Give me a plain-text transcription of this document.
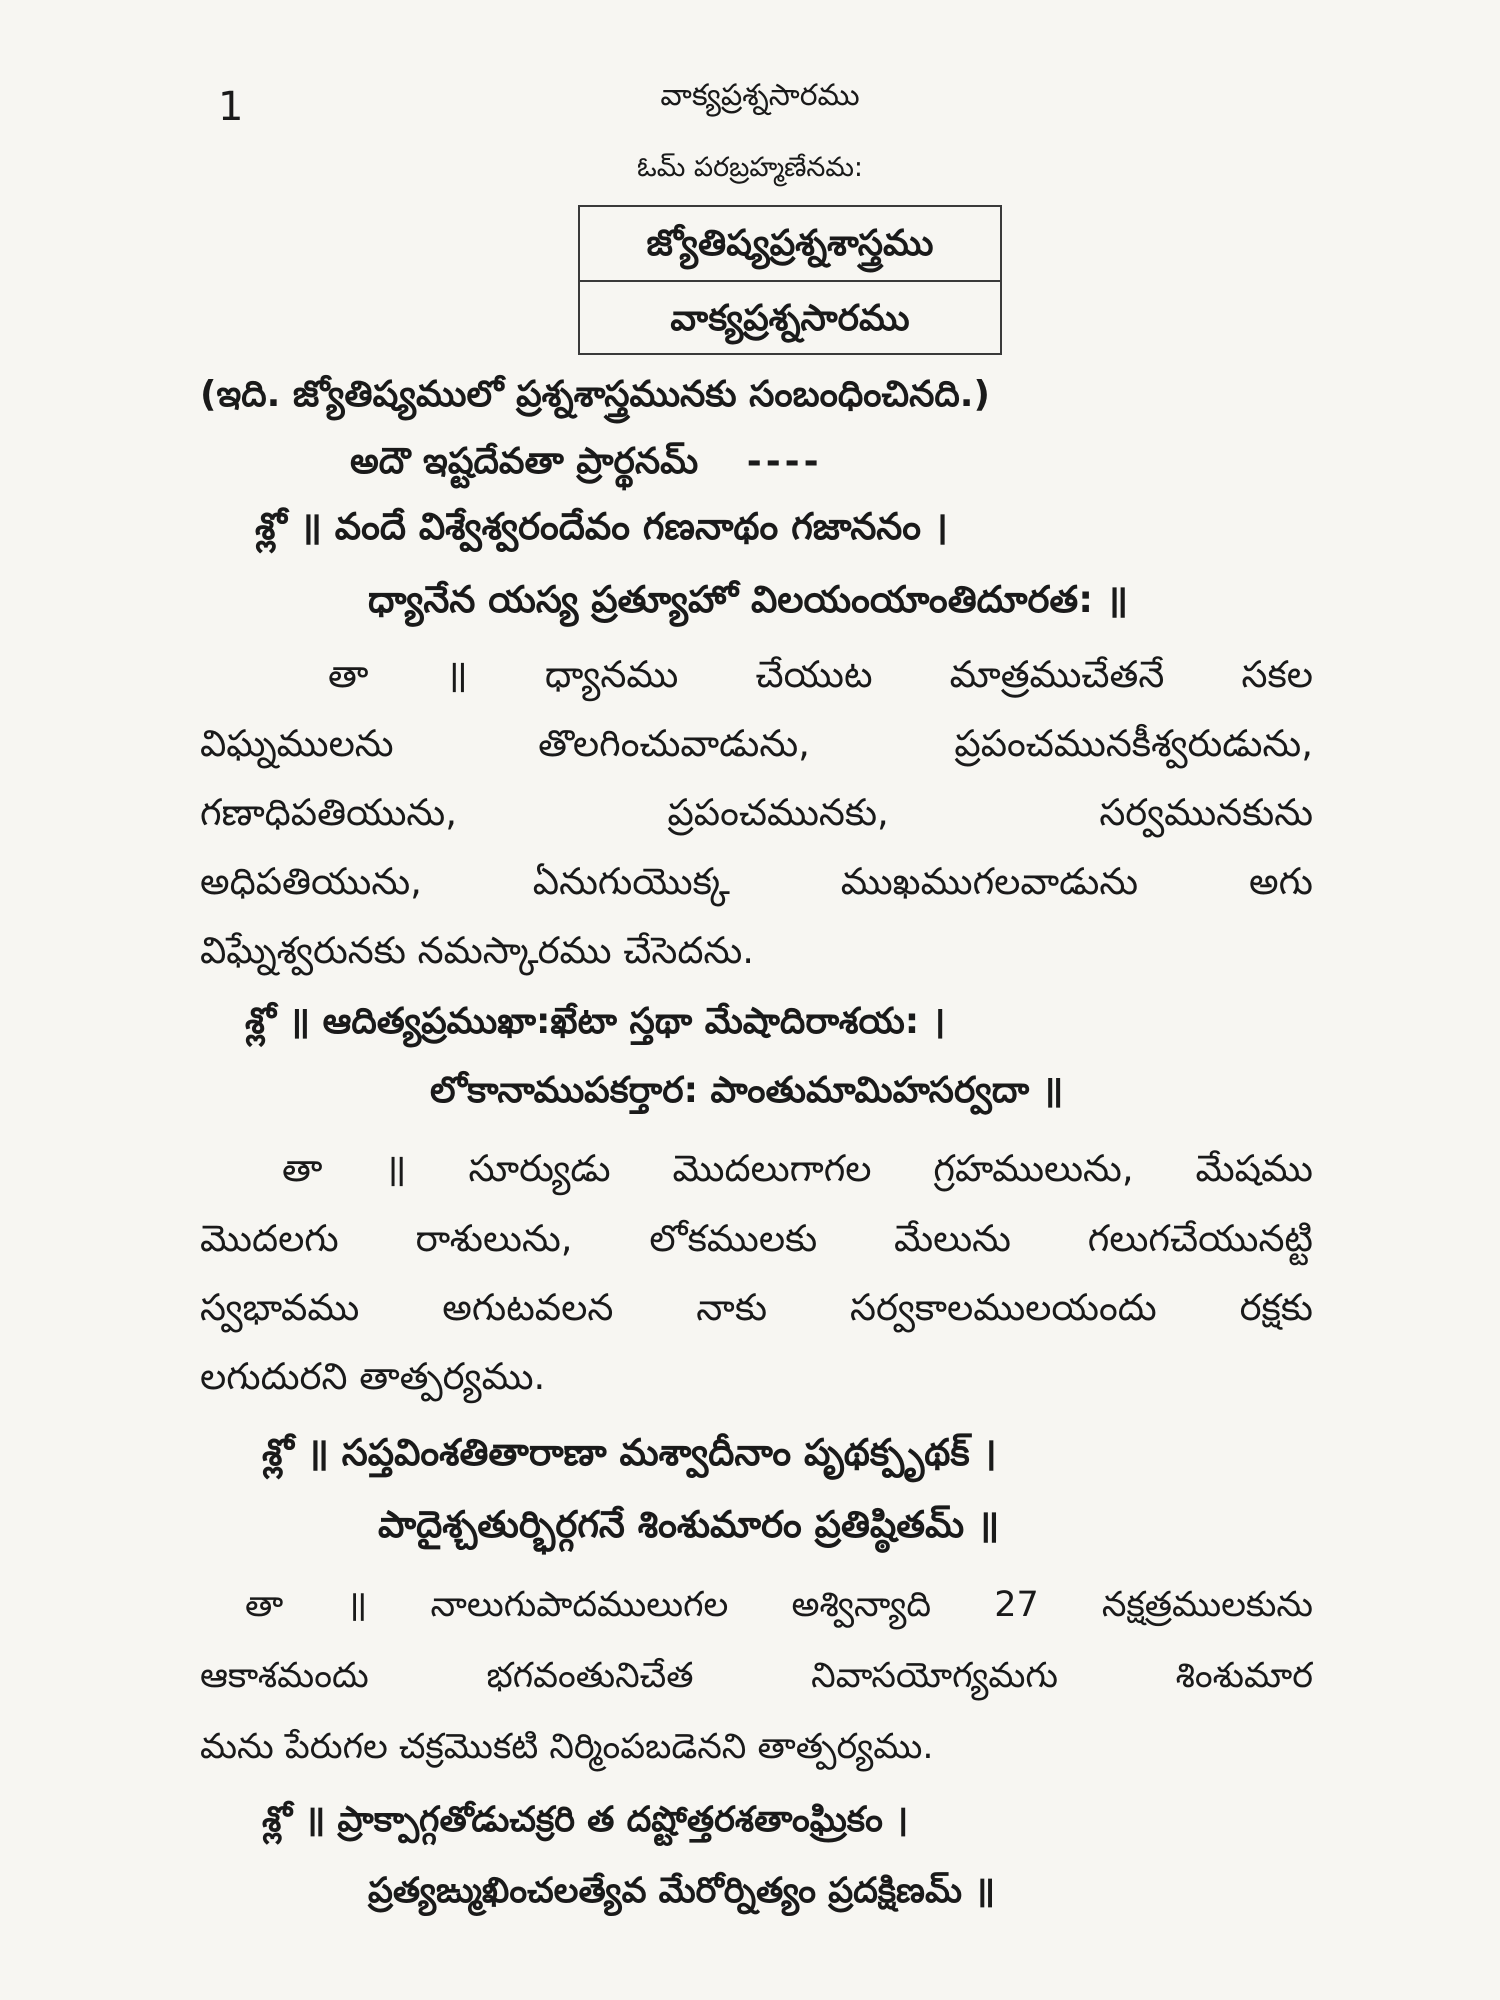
1	వాక్యప్రశ్నసారము
ఓమ్ పరబ్రహ్మణేనమ:
జ్యోతిష్యప్రశ్నశాస్త్రము
వాక్యప్రశ్నసారము
(ఇది. జ్యోతిష్యములో ప్రశ్నశాస్త్రమునకు సంబంధించినది.)
అదౌ ఇష్టదేవతా ప్రార్థనమ్ ----
శ్లో ॥ వందే విశ్వేశ్వరందేవం గణనాథం గజాననం ।
ధ్యానేన యస్య ప్రత్యూహో విలయంయాంతిదూరత: ॥
తా ॥ ధ్యానము చేయుట మాత్రముచేతనే సకల
విఘ్నములను తొలగించువాడును, ప్రపంచమునకీశ్వరుడును,
గణాధిపతియును, ప్రపంచమునకు, సర్వమునకును
అధిపతియును, ఏనుగుయొక్క ముఖముగలవాడును అగు
విఘ్నేశ్వరునకు నమస్కారము చేసెదను.
శ్లో ॥ ఆదిత్యప్రముఖా:ఖేటా స్తథా మేషాదిరాశయ: ।
లోకానాముపకర్తార: పాంతుమామిహసర్వదా ॥
తా ॥ సూర్యుడు మొదలుగాగల గ్రహములును, మేషము
మొదలగు రాశులును, లోకములకు మేలును గలుగచేయునట్టి
స్వభావము అగుటవలన నాకు సర్వకాలములయందు రక్షకు
లగుదురని తాత్పర్యము.
శ్లో ॥ సప్తవింశతితారాణా మశ్వాదీనాం పృథక్పృథక్ ।
పాదైశ్చతుర్భిర్గగనే శింశుమారం ప్రతిష్ఠితమ్ ॥
తా ॥ నాలుగుపాదములుగల అశ్విన్యాది 27 నక్షత్రములకును
ఆకాశమందు భగవంతునిచేత నివాసయోగ్యమగు శింశుమార
మను పేరుగల చక్రమొకటి నిర్మింపబడెనని తాత్పర్యము.
శ్లో ॥ ప్రాక్పాగ్గతోడుచక్రరి త దష్టోత్తరశతాంఘ్రికం ।
ప్రత్యఙ్ముఖించలత్యేవ మేరోర్నిత్యం ప్రదక్షిణమ్ ॥
